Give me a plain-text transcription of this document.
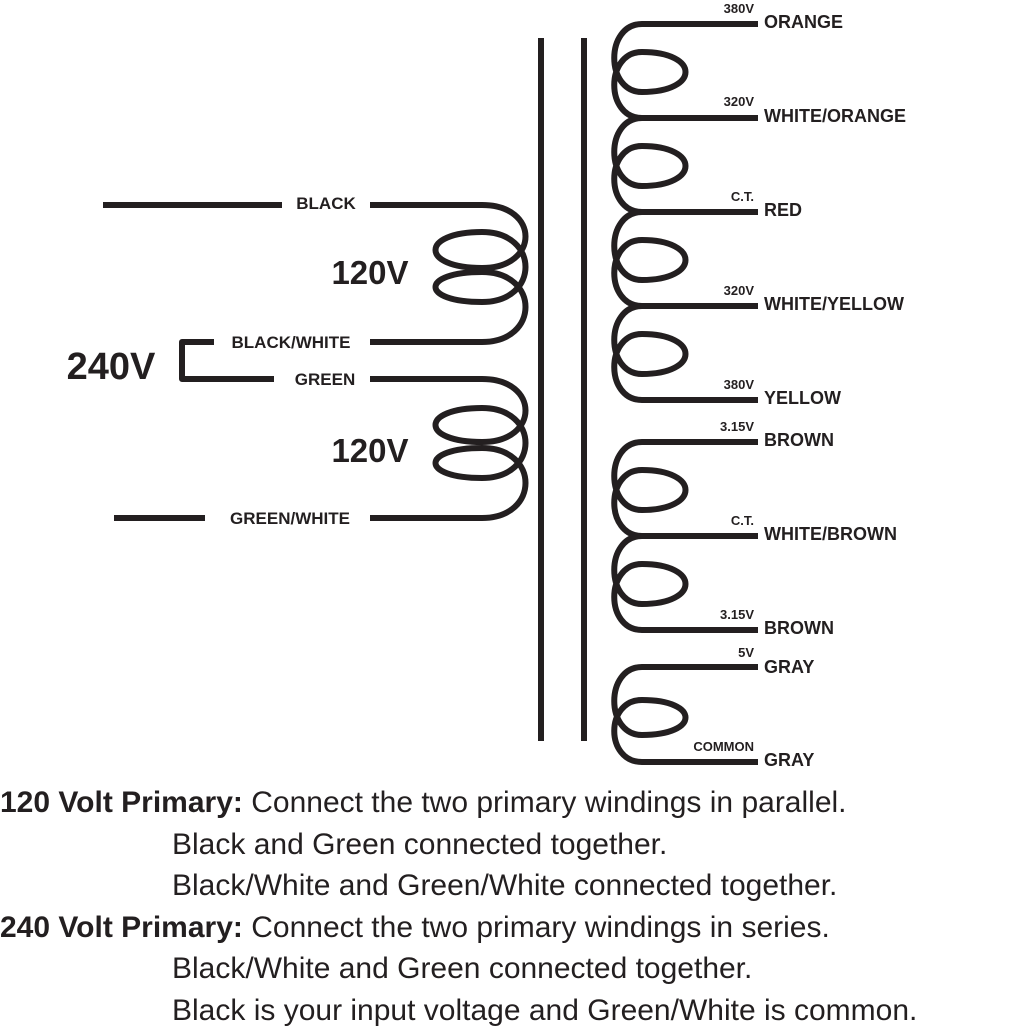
BLACK
BLACK/WHITE
GREEN
GREEN/WHITE
120V
120V
240V
380V
320V
C.T.
320V
380V
3.15V
C.T.
3.15V
5V
COMMON
ORANGE
WHITE/ORANGE
RED
WHITE/YELLOW
YELLOW
BROWN
WHITE/BROWN
BROWN
GRAY
GRAY
120 Volt Primary: Connect the two primary windings in parallel.
Black and Green connected together.
Black/White and Green/White connected together.
240 Volt Primary: Connect the two primary windings in series.
Black/White and Green connected together.
Black is your input voltage and Green/White is common.
